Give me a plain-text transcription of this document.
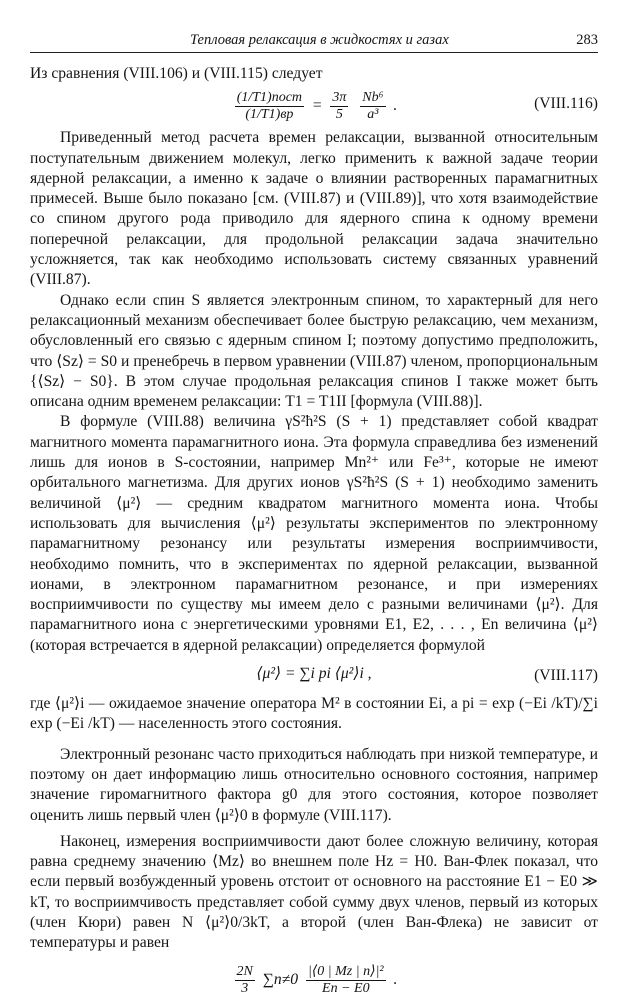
Тепловая релаксация в жидкостях и газах	283

Из сравнения (VIII.106) и (VIII.115) следует

$\frac{\text{(1/T1)пост}}{(1/T1)вр} = \frac{3\pi}{5}$
$\frac{\text{Nb⁶}}{\text{a³}}$ .	(VIII.116)

Приведенный метод расчета времен релаксации, вызванной относительным поступательным движением молекул, легко применить к важной задаче теории ядерной релаксации, а именно к задаче о влиянии растворенных парамагнитных примесей. Выше было показано [см. (VIII.87) и (VIII.89)], что хотя взаимодействие со спином другого рода приводило для ядерного спина к одному времени поперечной релаксации, для продольной релаксации задача значительно усложняется, так как необходимо использовать систему связанных уравнений (VIII.87).

Однако если спин S является электронным спином, то характерный для него релаксационный механизм обеспечивает более быструю релаксацию, чем механизм, обусловленный его связью с ядерным спином I; поэтому допустимо предположить, что ⟨Sz⟩ = S0 и пренебречь в первом уравнении (VIII.87) членом, пропорциональным {⟨Sz⟩ − S0}. В этом случае продольная релаксация спинов I также может быть описана одним временем релаксации: T1 = T1II [формула (VIII.88)].

В формуле (VIII.88) величина γS²ħ²S (S + 1) представляет собой квадрат магнитного момента парамагнитного иона. Эта формула справедлива без изменений лишь для ионов в S-состоянии, например Mn²⁺ или Fe³⁺, которые не имеют орбитального магнетизма. Для других ионов γS²ħ²S (S + 1) необходимо заменить величиной ⟨μ²⟩ — средним квадратом магнитного момента иона. Чтобы использовать для вычисления ⟨μ²⟩ результаты экспериментов по электронному парамагнитному резонансу или результаты измерения восприимчивости, необходимо помнить, что в экспериментах по ядерной релаксации, вызванной ионами, в электронном парамагнитном резонансе, и при измерениях восприимчивости по существу мы имеем дело с разными величинами ⟨μ²⟩. Для парамагнитного иона с энергетическими уровнями E1, E2, . . . , En величина ⟨μ²⟩ (которая встречается в ядерной релаксации) определяется формулой

⟨μ²⟩ = ∑i pi ⟨μ²⟩i ,	(VIII.117)

где ⟨μ²⟩i — ожидаемое значение оператора M² в состоянии Ei, а pi = exp (−Ei /kT)/∑i exp (−Ei /kT) — населенность этого состояния.

Электронный резонанс часто приходиться наблюдать при низкой температуре, и поэтому он дает информацию лишь относительно основного состояния, например значение гиромагнитного фактора g0 для этого состояния, которое позволяет оценить лишь первый член ⟨μ²⟩0 в формуле (VIII.117).

Наконец, измерения восприимчивости дают более сложную величину, которая равна среднему значению ⟨Mz⟩ во внешнем поле Hz = H0. Ван-Флек показал, что если первый возбужденный уровень отстоит от основного на расстояние E1 − E0 ≫ kT, то восприимчивость представляет собой сумму двух членов, первый из которых (член Кюри) равен N ⟨μ²⟩0/3kT, а второй (член Ван-Флека) не зависит от температуры и равен

$\frac{2N}{3} \sum n\ne 0 \frac{\text{|⟨0 | Mz | n⟩|²}}{En - E0}$ .
